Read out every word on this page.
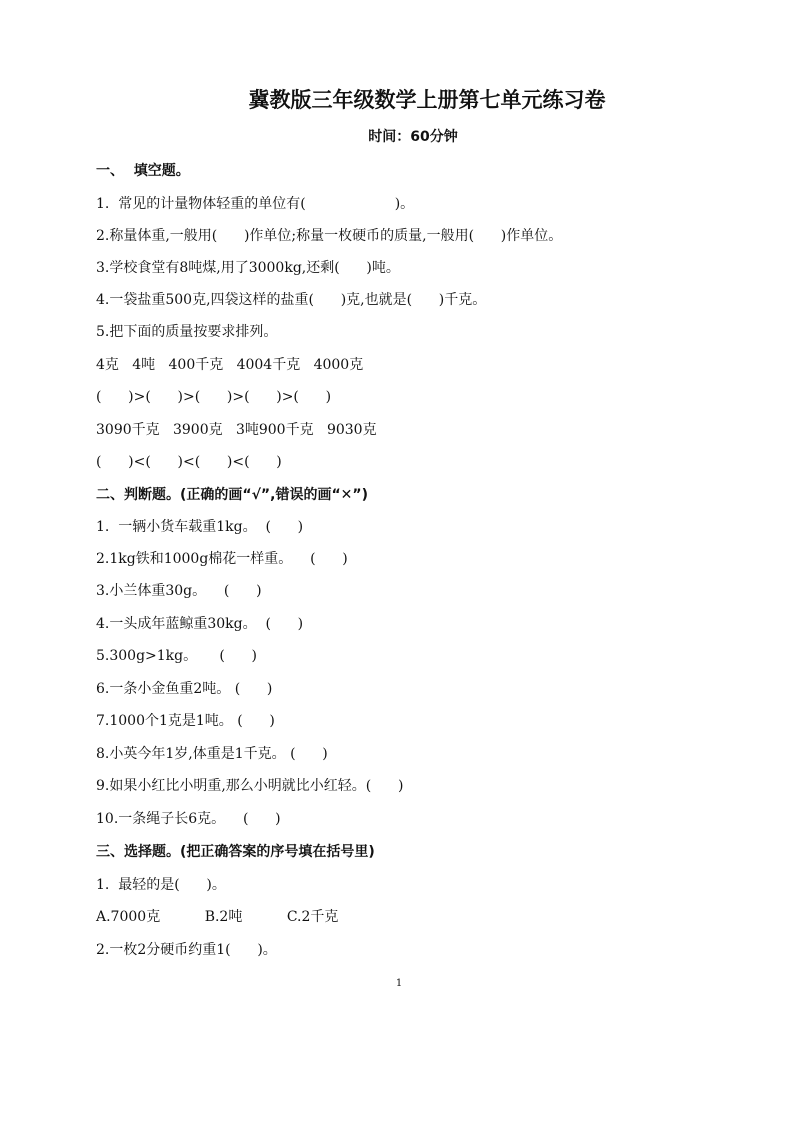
冀教版三年级数学上册第七单元练习卷
时间：60分钟
一、  填空题。
1.  常见的计量物体轻重的单位有(                    )。
2.称量体重,一般用(      )作单位;称量一枚硬币的质量,一般用(      )作单位。
3.学校食堂有8吨煤,用了3000kg,还剩(      )吨。
4.一袋盐重500克,四袋这样的盐重(      )克,也就是(      )千克。
5.把下面的质量按要求排列。
4克   4吨   400千克   4004千克   4000克
(      )>(      )>(      )>(      )>(      )
3090千克   3900克   3吨900千克   9030克
(      )<(      )<(      )<(      )
二、判断题。(正确的画“√”,错误的画“✕”)
1.  一辆小货车载重1kg。  (      )
2.1kg铁和1000g棉花一样重。    (      )
3.小兰体重30g。    (      )
4.一头成年蓝鲸重30kg。  (      )
5.300g>1kg。     (      )
6.一条小金鱼重2吨。 (      )
7.1000个1克是1吨。 (      )
8.小英今年1岁,体重是1千克。 (      )
9.如果小红比小明重,那么小明就比小红轻。(      )
10.一条绳子长6克。    (      )
三、选择题。(把正确答案的序号填在括号里)
1.  最轻的是(      )。
A.7000克          B.2吨          C.2千克
2.一枚2分硬币约重1(      )。
1
